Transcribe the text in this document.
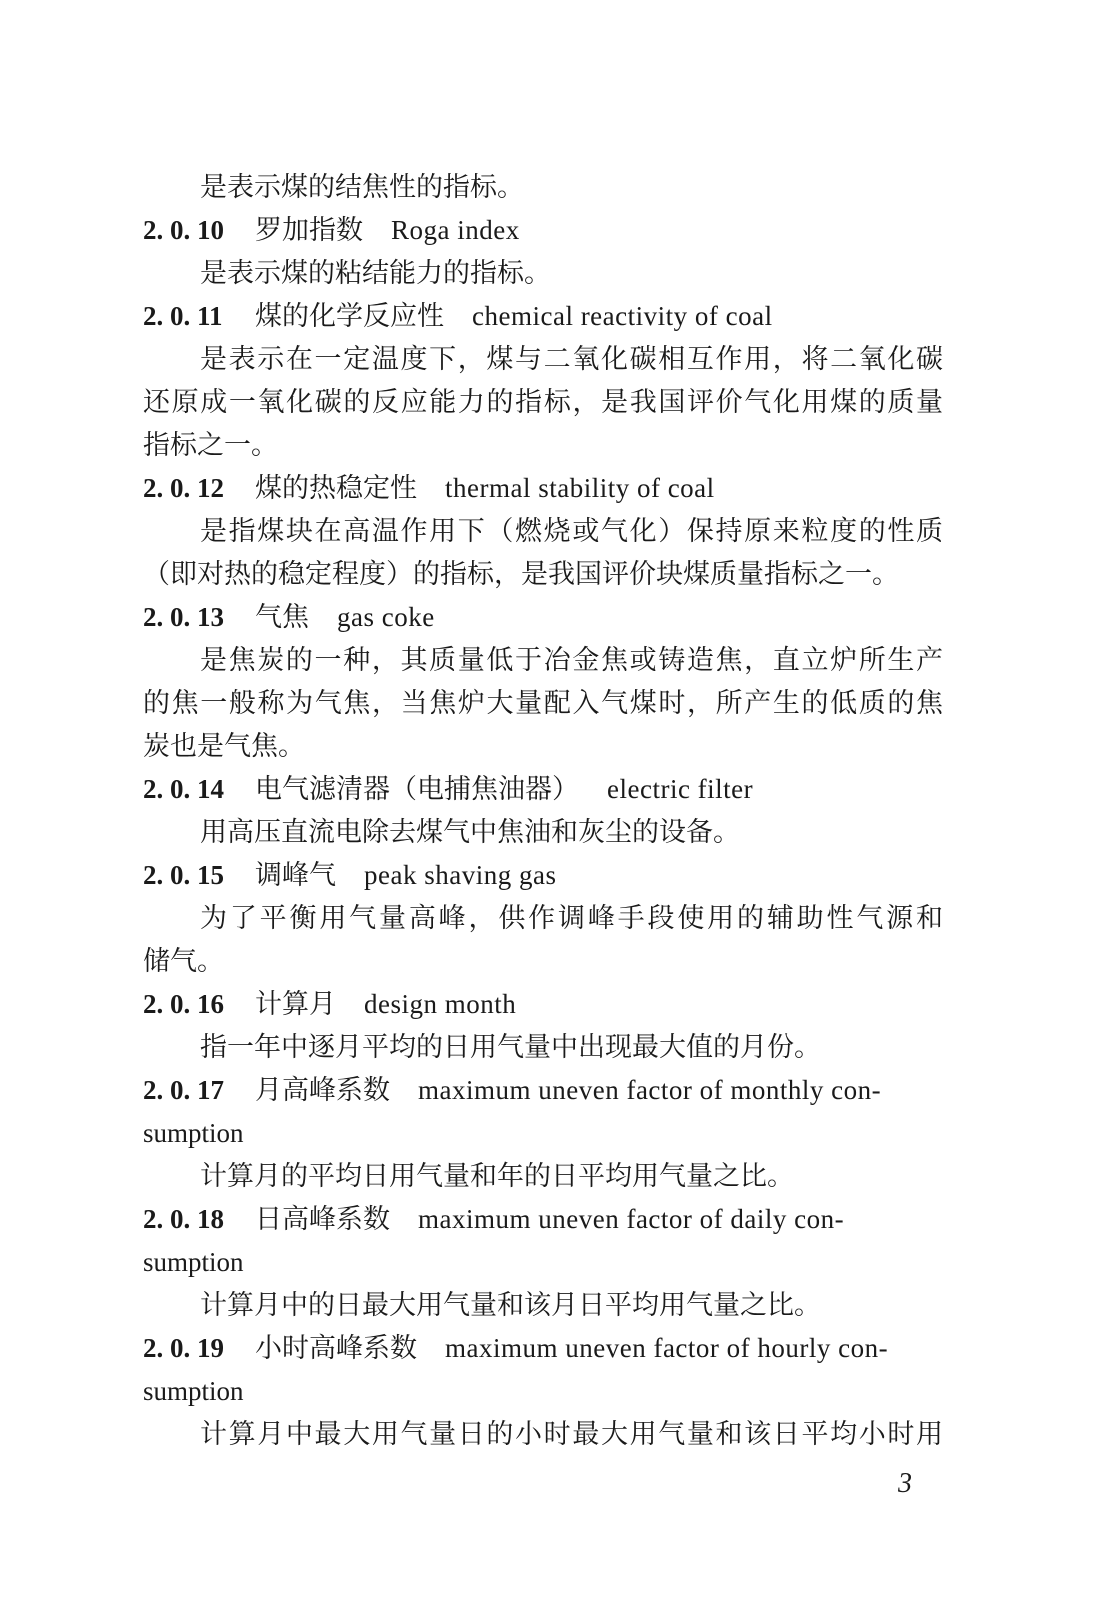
是表示煤的结焦性的指标。
2. 0. 10 罗加指数 Roga index
是表示煤的粘结能力的指标。
2. 0. 11 煤的化学反应性 chemical reactivity of coal
是表示在一定温度下，煤与二氧化碳相互作用，将二氧化碳
还原成一氧化碳的反应能力的指标，是我国评价气化用煤的质量
指标之一。
2. 0. 12 煤的热稳定性 thermal stability of coal
是指煤块在高温作用下（燃烧或气化）保持原来粒度的性质
（即对热的稳定程度）的指标，是我国评价块煤质量指标之一。
2. 0. 13 气焦 gas coke
是焦炭的一种，其质量低于冶金焦或铸造焦，直立炉所生产
的焦一般称为气焦，当焦炉大量配入气煤时，所产生的低质的焦
炭也是气焦。
2. 0. 14 电气滤清器（电捕焦油器） electric filter
用高压直流电除去煤气中焦油和灰尘的设备。
2. 0. 15 调峰气 peak shaving gas
为了平衡用气量高峰，供作调峰手段使用的辅助性气源和
储气。
2. 0. 16 计算月 design month
指一年中逐月平均的日用气量中出现最大值的月份。
2. 0. 17 月高峰系数 maximum uneven factor of monthly con-
sumption
计算月的平均日用气量和年的日平均用气量之比。
2. 0. 18 日高峰系数 maximum uneven factor of daily con-
sumption
计算月中的日最大用气量和该月日平均用气量之比。
2. 0. 19 小时高峰系数 maximum uneven factor of hourly con-
sumption
计算月中最大用气量日的小时最大用气量和该日平均小时用
3
